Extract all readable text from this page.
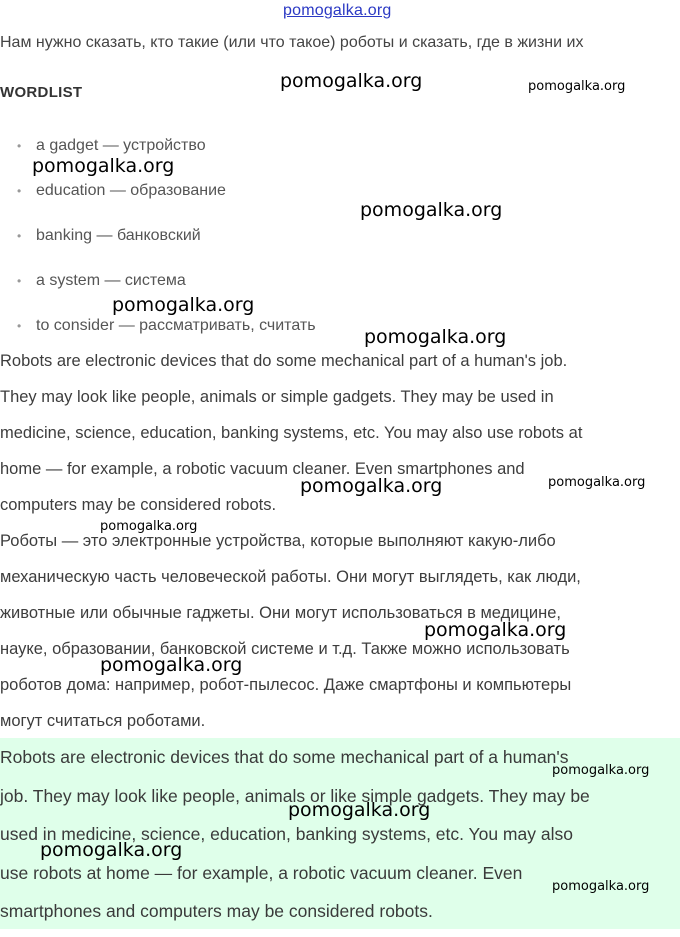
pomogalka.org
Нам нужно сказать, кто такие (или что такое) роботы и сказать, где в жизни их
WORDLIST
• a gadget — устройство
• education — образование
• banking — банковский
• a system — система
• to consider — рассматривать, считать
Robots are electronic devices that do some mechanical part of a human's job.
They may look like people, animals or simple gadgets. They may be used in
medicine, science, education, banking systems, etc. You may also use robots at
home — for example, a robotic vacuum cleaner. Even smartphones and
computers may be considered robots.
Роботы — это электронные устройства, которые выполняют какую-либо
механическую часть человеческой работы. Они могут выглядеть, как люди,
животные или обычные гаджеты. Они могут использоваться в медицине,
науке, образовании, банковской системе и т.д. Также можно использовать
роботов дома: например, робот-пылесос. Даже смартфоны и компьютеры
могут считаться роботами.
Robots are electronic devices that do some mechanical part of a human's
job. They may look like people, animals or like simple gadgets. They may be
used in medicine, science, education, banking systems, etc. You may also
use robots at home — for example, a robotic vacuum cleaner. Even
smartphones and computers may be considered robots.
pomogalka.org	pomogalka.org
pomogalka.org
pomogalka.org
pomogalka.org
pomogalka.org
pomogalka.org	pomogalka.org
pomogalka.org
pomogalka.org
pomogalka.org
pomogalka.org
pomogalka.org
pomogalka.org
pomogalka.org
